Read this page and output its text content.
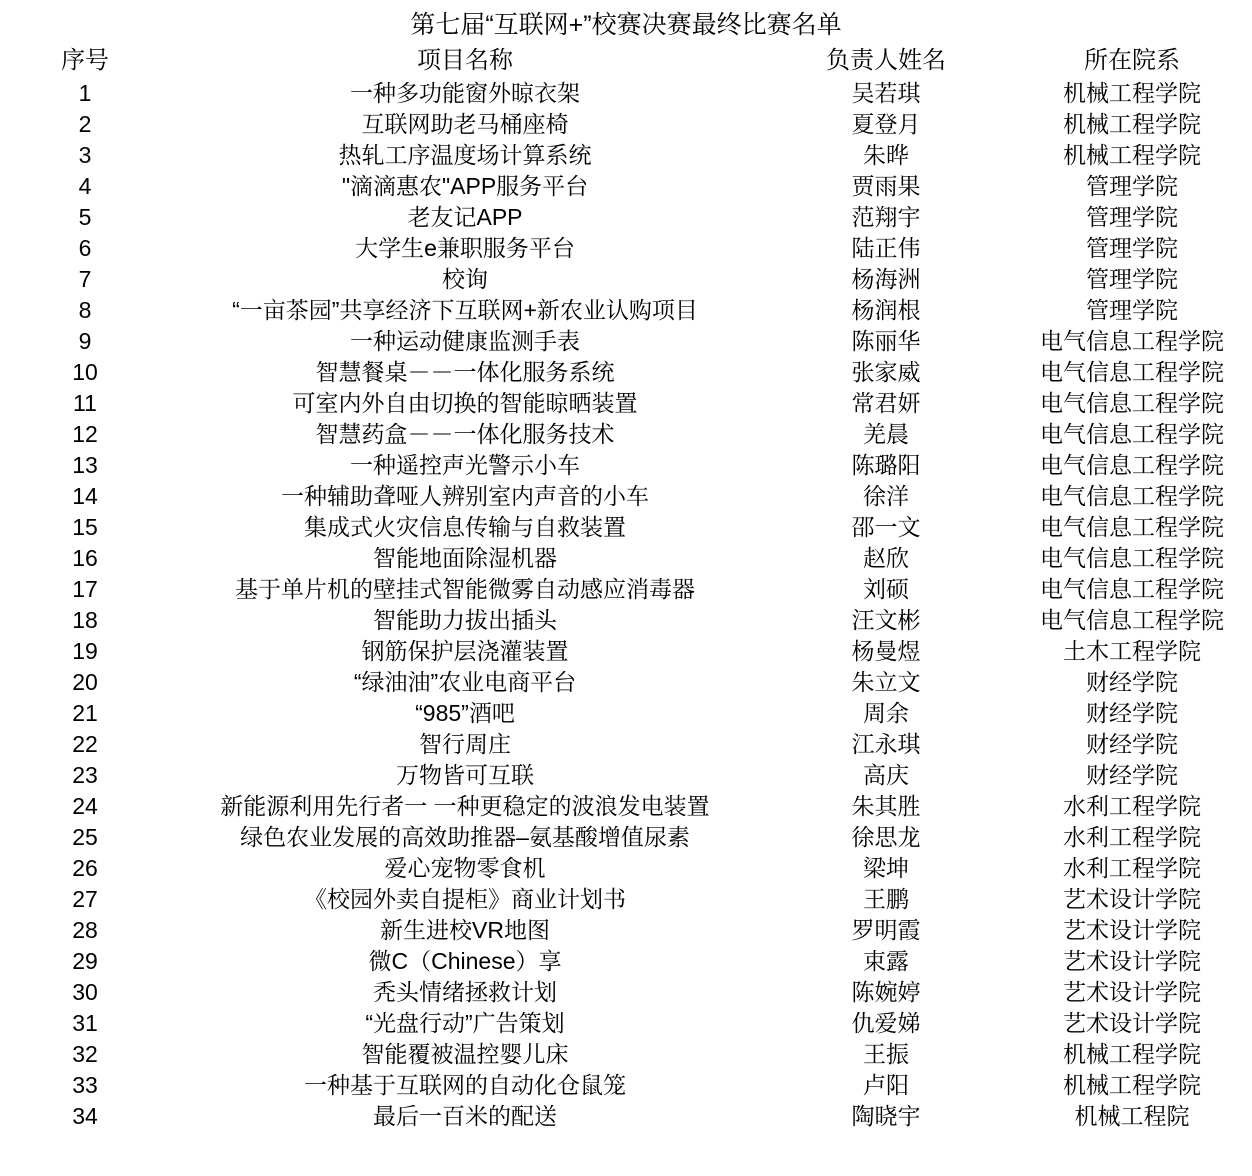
第七届“互联网+”校赛决赛最终比赛名单
序号	项目名称	负责人姓名	所在院系
1	一种多功能窗外晾衣架	吴若琪	机械工程学院
2	互联网助老马桶座椅	夏登月	机械工程学院
3	热轧工序温度场计算系统	朱晔	机械工程学院
4	"滴滴惠农"APP服务平台	贾雨果	管理学院
5	老友记APP	范翔宇	管理学院
6	大学生e兼职服务平台	陆正伟	管理学院
7	校询	杨海洲	管理学院
8	“一亩茶园”共享经济下互联网+新农业认购项目	杨润根	管理学院
9	一种运动健康监测手表	陈丽华	电气信息工程学院
10	智慧餐桌－－一体化服务系统	张家威	电气信息工程学院
11	可室内外自由切换的智能晾晒装置	常君妍	电气信息工程学院
12	智慧药盒－－一体化服务技术	羌晨	电气信息工程学院
13	一种遥控声光警示小车	陈璐阳	电气信息工程学院
14	一种辅助聋哑人辨别室内声音的小车	徐洋	电气信息工程学院
15	集成式火灾信息传输与自救装置	邵一文	电气信息工程学院
16	智能地面除湿机器	赵欣	电气信息工程学院
17	基于单片机的壁挂式智能微雾自动感应消毒器	刘硕	电气信息工程学院
18	智能助力拔出插头	汪文彬	电气信息工程学院
19	钢筋保护层浇灌装置	杨曼煜	土木工程学院
20	“绿油油”农业电商平台	朱立文	财经学院
21	“985”酒吧	周余	财经学院
22	智行周庄	江永琪	财经学院
23	万物皆可互联	高庆	财经学院
24	新能源利用先行者一 一种更稳定的波浪发电装置	朱其胜	水利工程学院
25	绿色农业发展的高效助推器–氨基酸增值尿素	徐思龙	水利工程学院
26	爱心宠物零食机	梁坤	水利工程学院
27	《校园外卖自提柜》商业计划书	王鹏	艺术设计学院
28	新生进校VR地图	罗明霞	艺术设计学院
29	微C（Chinese）享	束露	艺术设计学院
30	秃头情绪拯救计划	陈婉婷	艺术设计学院
31	“光盘行动”广告策划	仇爱娣	艺术设计学院
32	智能覆被温控婴儿床	王振	机械工程学院
33	一种基于互联网的自动化仓鼠笼	卢阳	机械工程学院
34	最后一百米的配送	陶晓宇	机械工程院
